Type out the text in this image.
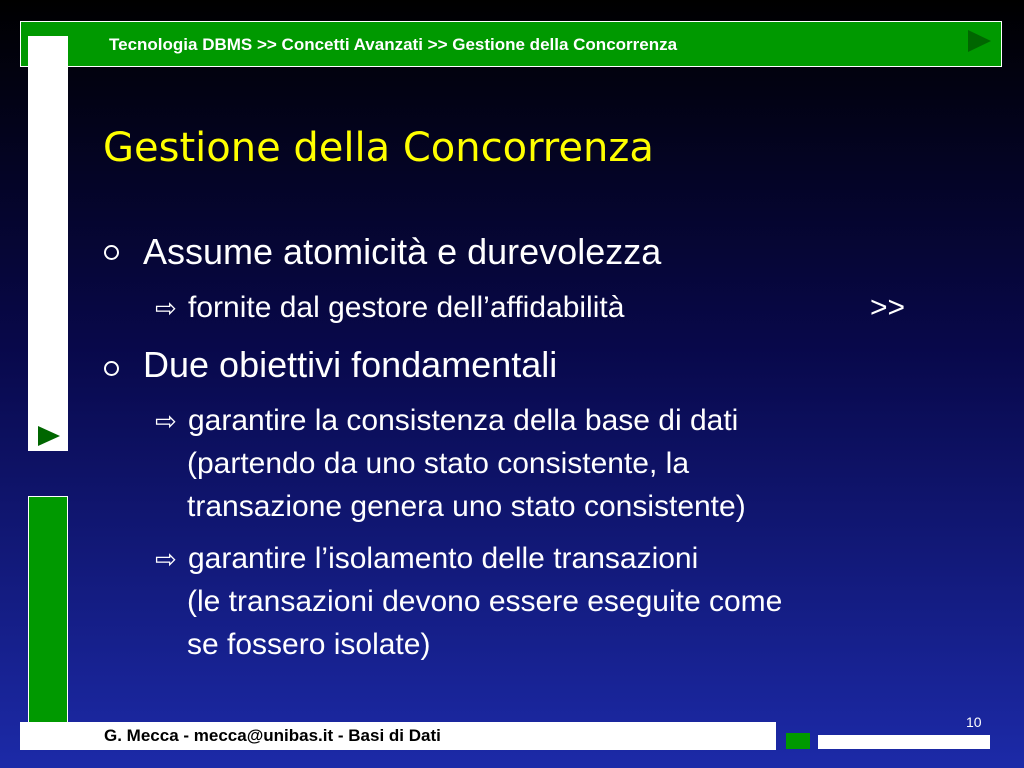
Tecnologia DBMS >> Concetti Avanzati >> Gestione della Concorrenza
Gestione della Concorrenza
Assume atomicità e durevolezza
⇨ fornite dal gestore dell’affidabilità	>>
Due obiettivi fondamentali
⇨ garantire la consistenza della base di dati
(partendo da uno stato consistente, la
transazione genera uno stato consistente)
⇨ garantire l’isolamento delle transazioni
(le transazioni devono essere eseguite come
se fossero isolate)
G. Mecca - mecca@unibas.it - Basi di Dati
10
